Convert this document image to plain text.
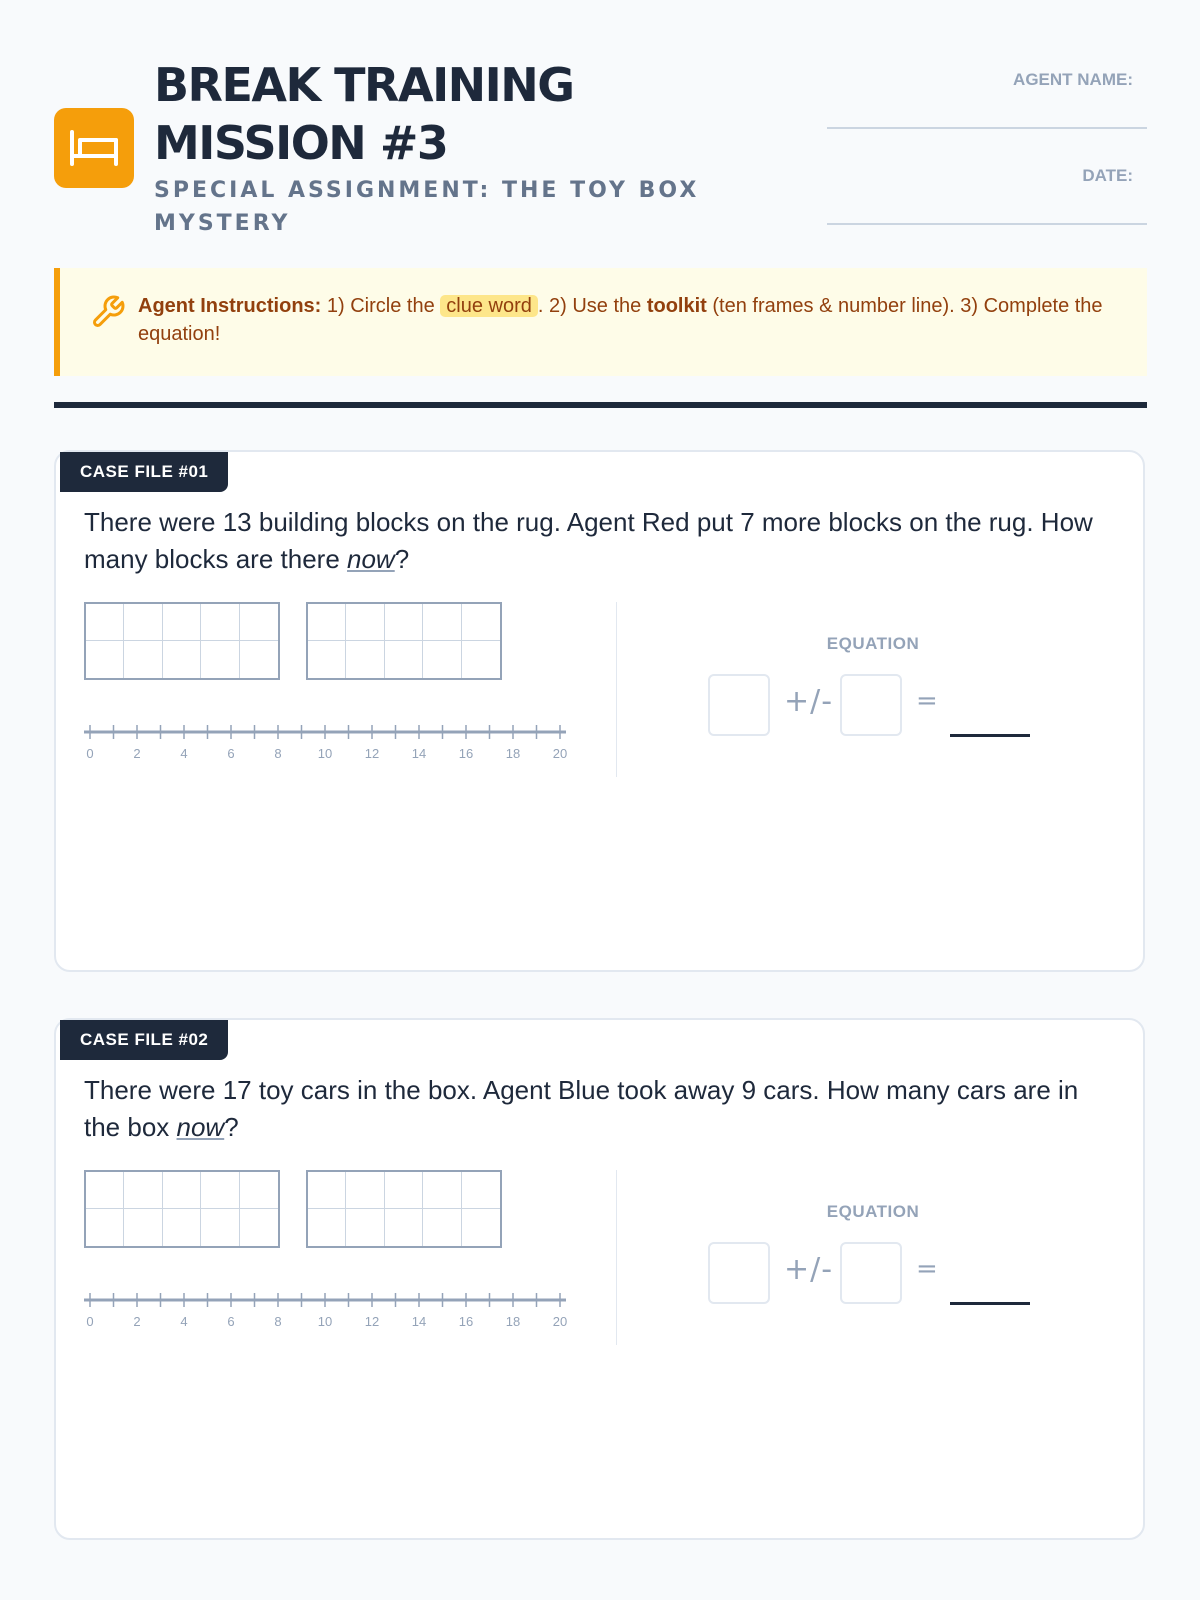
BREAK TRAINING MISSION #3
SPECIAL ASSIGNMENT: THE TOY BOX MYSTERY
AGENT NAME:
DATE:
Agent Instructions: 1) Circle the clue word . 2) Use the toolkit (ten frames & number line). 3) Complete the equation!
CASE FILE #01

There were 13 building blocks on the rug. Agent Red put 7 more blocks on the rug. How many blocks are there now?

0	2	4	6	8	10	12	14	16	18	20
EQUATION
+/-	=
CASE FILE #02

There were 17 toy cars in the box. Agent Blue took away 9 cars. How many cars are in the box now?

0	2	4	6	8	10	12	14	16	18	20
EQUATION
+/-	=
